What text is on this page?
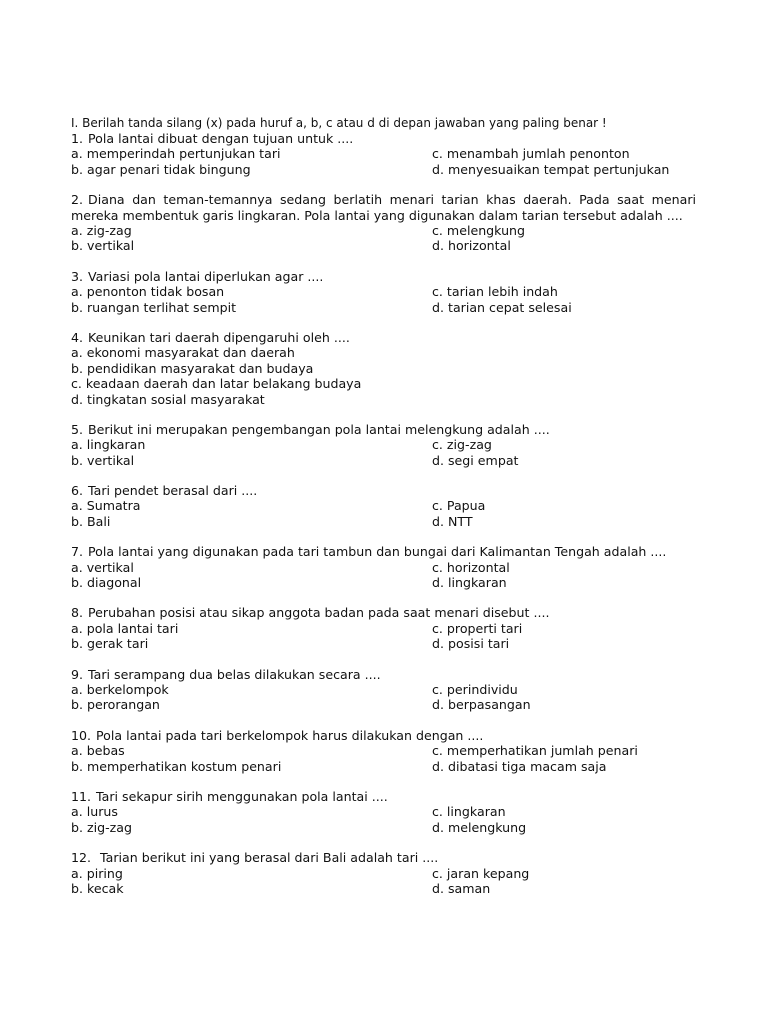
I. Berilah tanda silang (x) pada huruf a, b, c atau d di depan jawaban yang paling benar !
1. Pola lantai dibuat dengan tujuan untuk ....
a. memperindah pertunjukan tari	c. menambah jumlah penonton
b. agar penari tidak bingung	d. menyesuaikan tempat pertunjukan
2. Diana dan teman-temannya sedang berlatih menari tarian khas daerah. Pada saat menari mereka membentuk garis lingkaran. Pola lantai yang digunakan dalam tarian tersebut adalah ....
a. zig-zag	c. melengkung
b. vertikal	d. horizontal
3. Variasi pola lantai diperlukan agar ....
a. penonton tidak bosan	c. tarian lebih indah
b. ruangan terlihat sempit	d. tarian cepat selesai
4. Keunikan tari daerah dipengaruhi oleh ....
a. ekonomi masyarakat dan daerah
b. pendidikan masyarakat dan budaya
c. keadaan daerah dan latar belakang budaya
d. tingkatan sosial masyarakat
5. Berikut ini merupakan pengembangan pola lantai melengkung adalah ....
a. lingkaran	c. zig-zag
b. vertikal	d. segi empat
6. Tari pendet berasal dari ....
a. Sumatra	c. Papua
b. Bali	d. NTT
7. Pola lantai yang digunakan pada tari tambun dan bungai dari Kalimantan Tengah adalah ....
a. vertikal	c. horizontal
b. diagonal	d. lingkaran
8. Perubahan posisi atau sikap anggota badan pada saat menari disebut ....
a. pola lantai tari	c. properti tari
b. gerak tari	d. posisi tari
9. Tari serampang dua belas dilakukan secara ....
a. berkelompok	c. perindividu
b. perorangan	d. berpasangan
10. Pola lantai pada tari berkelompok harus dilakukan dengan ....
a. bebas	c. memperhatikan jumlah penari
b. memperhatikan kostum penari	d. dibatasi tiga macam saja
11. Tari sekapur sirih menggunakan pola lantai ....
a. lurus	c. lingkaran
b. zig-zag	d. melengkung
12. Tarian berikut ini yang berasal dari Bali adalah tari ....
a. piring	c. jaran kepang
b. kecak	d. saman
